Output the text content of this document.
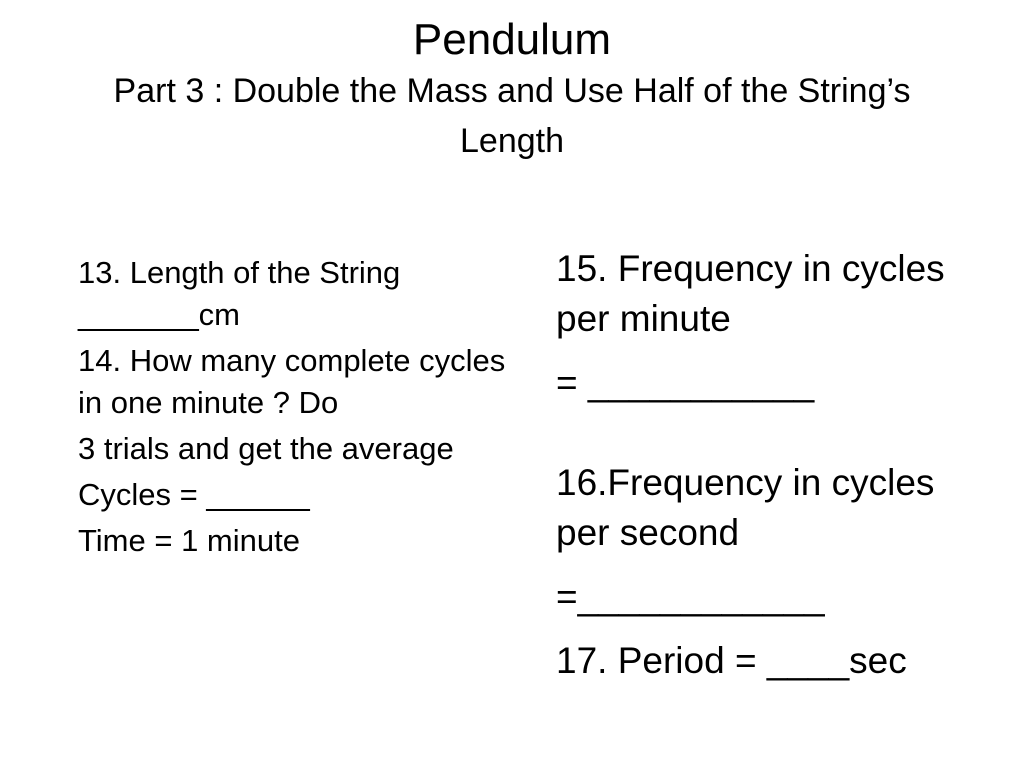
Pendulum
Part 3 : Double the Mass and Use Half of the String’s Length

13. Length of the String _______cm

14. How many complete cycles in one minute ? Do

3 trials and get the average

Cycles = ______

Time = 1 minute

15. Frequency in cycles per minute

= ___________

16.Frequency in cycles per second

=____________

17. Period = ____sec
